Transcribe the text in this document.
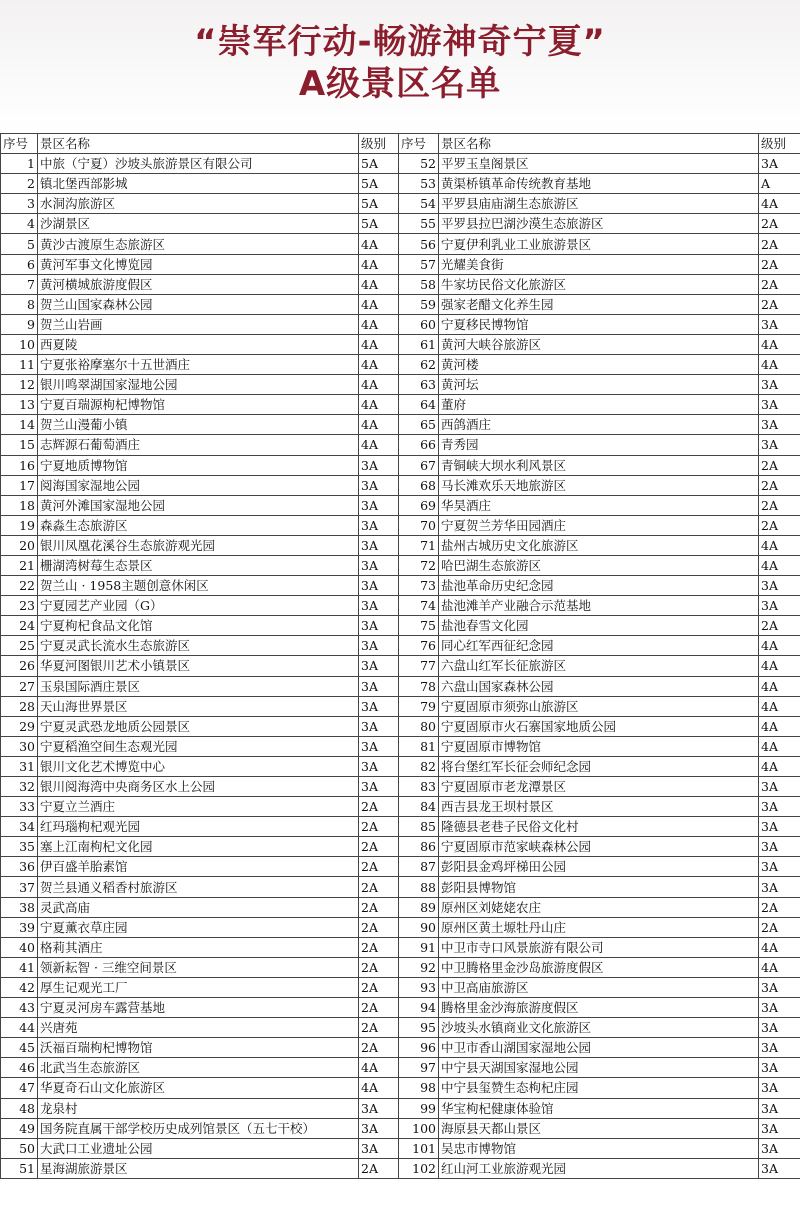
“崇军行动-畅游神奇宁夏”
A级景区名单
序号	景区名称	级别	序号	景区名称	级别
1	中旅（宁夏）沙坡头旅游景区有限公司	5A	52	平罗玉皇阁景区	3A
2	镇北堡西部影城	5A	53	黄渠桥镇革命传统教育基地	A
3	水洞沟旅游区	5A	54	平罗县庙庙湖生态旅游区	4A
4	沙湖景区	5A	55	平罗县拉巴湖沙漠生态旅游区	2A
5	黄沙古渡原生态旅游区	4A	56	宁夏伊利乳业工业旅游景区	2A
6	黄河军事文化博览园	4A	57	光耀美食街	2A
7	黄河横城旅游度假区	4A	58	牛家坊民俗文化旅游区	2A
8	贺兰山国家森林公园	4A	59	强家老醋文化养生园	2A
9	贺兰山岩画	4A	60	宁夏移民博物馆	3A
10	西夏陵	4A	61	黄河大峡谷旅游区	4A
11	宁夏张裕摩塞尔十五世酒庄	4A	62	黄河楼	4A
12	银川鸣翠湖国家湿地公园	4A	63	黄河坛	3A
13	宁夏百瑞源枸杞博物馆	4A	64	董府	3A
14	贺兰山漫葡小镇	4A	65	西鸽酒庄	3A
15	志辉源石葡萄酒庄	4A	66	青秀园	3A
16	宁夏地质博物馆	3A	67	青铜峡大坝水利风景区	2A
17	阅海国家湿地公园	3A	68	马长滩欢乐天地旅游区	2A
18	黄河外滩国家湿地公园	3A	69	华昊酒庄	2A
19	森淼生态旅游区	3A	70	宁夏贺兰芳华田园酒庄	2A
20	银川凤凰花溪谷生态旅游观光园	3A	71	盐州古城历史文化旅游区	4A
21	栅湖湾树莓生态景区	3A	72	哈巴湖生态旅游区	4A
22	贺兰山 · 1958主题创意休闲区	3A	73	盐池革命历史纪念园	3A
23	宁夏园艺产业园（G）	3A	74	盐池滩羊产业融合示范基地	3A
24	宁夏枸杞食品文化馆	3A	75	盐池春雪文化园	2A
25	宁夏灵武长流水生态旅游区	3A	76	同心红军西征纪念园	4A
26	华夏河图银川艺术小镇景区	3A	77	六盘山红军长征旅游区	4A
27	玉泉国际酒庄景区	3A	78	六盘山国家森林公园	4A
28	天山海世界景区	3A	79	宁夏固原市须弥山旅游区	4A
29	宁夏灵武恐龙地质公园景区	3A	80	宁夏固原市火石寨国家地质公园	4A
30	宁夏稻渔空间生态观光园	3A	81	宁夏固原市博物馆	4A
31	银川文化艺术博览中心	3A	82	将台堡红军长征会师纪念园	4A
32	银川阅海湾中央商务区水上公园	3A	83	宁夏固原市老龙潭景区	3A
33	宁夏立兰酒庄	2A	84	西吉县龙王坝村景区	3A
34	红玛瑙枸杞观光园	2A	85	隆德县老巷子民俗文化村	3A
35	塞上江南枸杞文化园	2A	86	宁夏固原市范家峡森林公园	3A
36	伊百盛羊胎素馆	2A	87	彭阳县金鸡坪梯田公园	3A
37	贺兰县通义稻香村旅游区	2A	88	彭阳县博物馆	3A
38	灵武高庙	2A	89	原州区刘姥姥农庄	2A
39	宁夏薰衣草庄园	2A	90	原州区黄土塬牡丹山庄	2A
40	格莉其酒庄	2A	91	中卫市寺口风景旅游有限公司	4A
41	领新耘智 · 三维空间景区	2A	92	中卫腾格里金沙岛旅游度假区	4A
42	厚生记观光工厂	2A	93	中卫高庙旅游区	3A
43	宁夏灵河房车露营基地	2A	94	腾格里金沙海旅游度假区	3A
44	兴唐苑	2A	95	沙坡头水镇商业文化旅游区	3A
45	沃福百瑞枸杞博物馆	2A	96	中卫市香山湖国家湿地公园	3A
46	北武当生态旅游区	4A	97	中宁县天湖国家湿地公园	3A
47	华夏奇石山文化旅游区	4A	98	中宁县玺赞生态枸杞庄园	3A
48	龙泉村	3A	99	华宝枸杞健康体验馆	3A
49	国务院直属干部学校历史成列馆景区（五七干校）	3A	100	海原县天都山景区	3A
50	大武口工业遗址公园	3A	101	吴忠市博物馆	3A
51	星海湖旅游景区	2A	102	红山河工业旅游观光园	3A
